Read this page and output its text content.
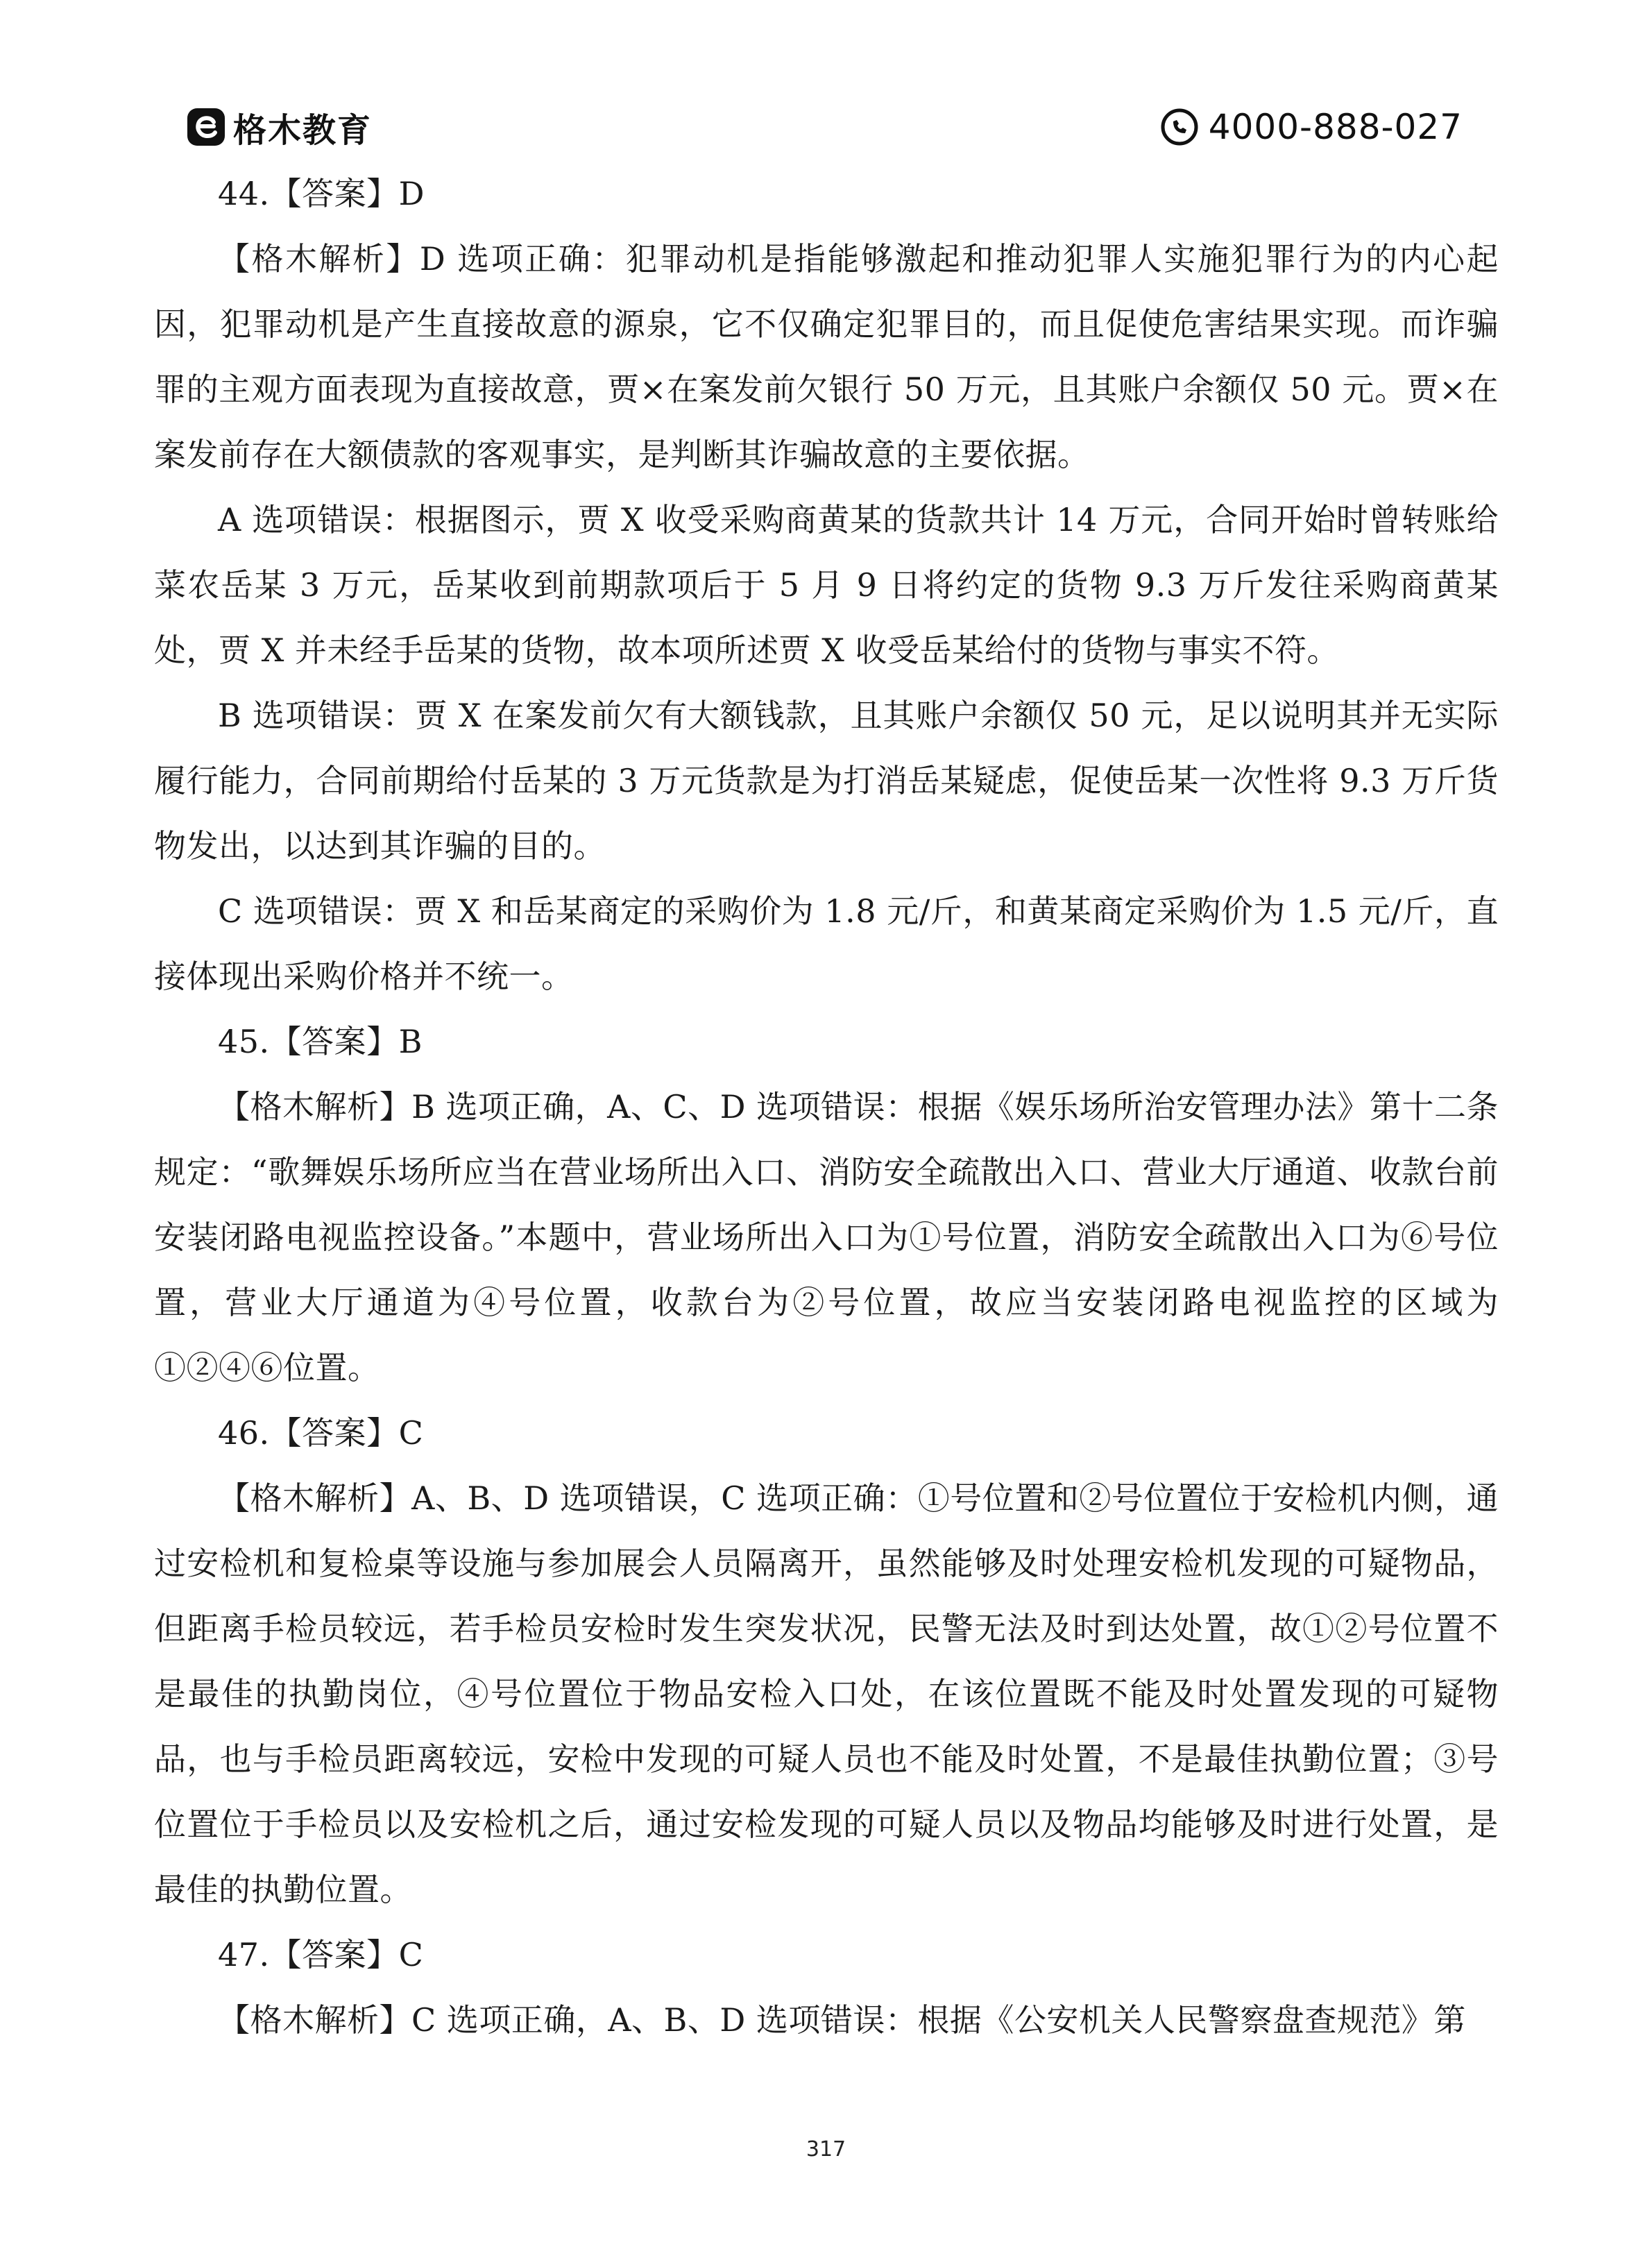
格木教育	4000-888-027

44.【答案】D

【格木解析】D 选项正确：犯罪动机是指能够激起和推动犯罪人实施犯罪行为的内心起因，犯罪动机是产生直接故意的源泉，它不仅确定犯罪目的，而且促使危害结果实现。而诈骗罪的主观方面表现为直接故意，贾×在案发前欠银行 50 万元，且其账户余额仅 50 元。贾×在案发前存在大额债款的客观事实，是判断其诈骗故意的主要依据。

A 选项错误：根据图示，贾 X 收受采购商黄某的货款共计 14 万元，合同开始时曾转账给菜农岳某 3 万元，岳某收到前期款项后于 5 月 9 日将约定的货物 9.3 万斤发往采购商黄某处，贾 X 并未经手岳某的货物，故本项所述贾 X 收受岳某给付的货物与事实不符。

B 选项错误：贾 X 在案发前欠有大额钱款，且其账户余额仅 50 元，足以说明其并无实际履行能力，合同前期给付岳某的 3 万元货款是为打消岳某疑虑，促使岳某一次性将 9.3 万斤货物发出，以达到其诈骗的目的。

C 选项错误：贾 X 和岳某商定的采购价为 1.8 元/斤，和黄某商定采购价为 1.5 元/斤，直接体现出采购价格并不统一。

45.【答案】B

【格木解析】B 选项正确，A、C、D 选项错误：根据《娱乐场所治安管理办法》第十二条规定：“歌舞娱乐场所应当在营业场所出入口、消防安全疏散出入口、营业大厅通道、收款台前安装闭路电视监控设备。”本题中，营业场所出入口为①号位置，消防安全疏散出入口为⑥号位置，营业大厅通道为④号位置，收款台为②号位置，故应当安装闭路电视监控的区域为①②④⑥位置。

46.【答案】C

【格木解析】A、B、D 选项错误，C 选项正确：①号位置和②号位置位于安检机内侧，通过安检机和复检桌等设施与参加展会人员隔离开，虽然能够及时处理安检机发现的可疑物品，但距离手检员较远，若手检员安检时发生突发状况，民警无法及时到达处置，故①②号位置不是最佳的执勤岗位，④号位置位于物品安检入口处，在该位置既不能及时处置发现的可疑物品，也与手检员距离较远，安检中发现的可疑人员也不能及时处置，不是最佳执勤位置；③号位置位于手检员以及安检机之后，通过安检发现的可疑人员以及物品均能够及时进行处置，是最佳的执勤位置。

47.【答案】C

【格木解析】C 选项正确，A、B、D 选项错误：根据《公安机关人民警察盘查规范》第

317
